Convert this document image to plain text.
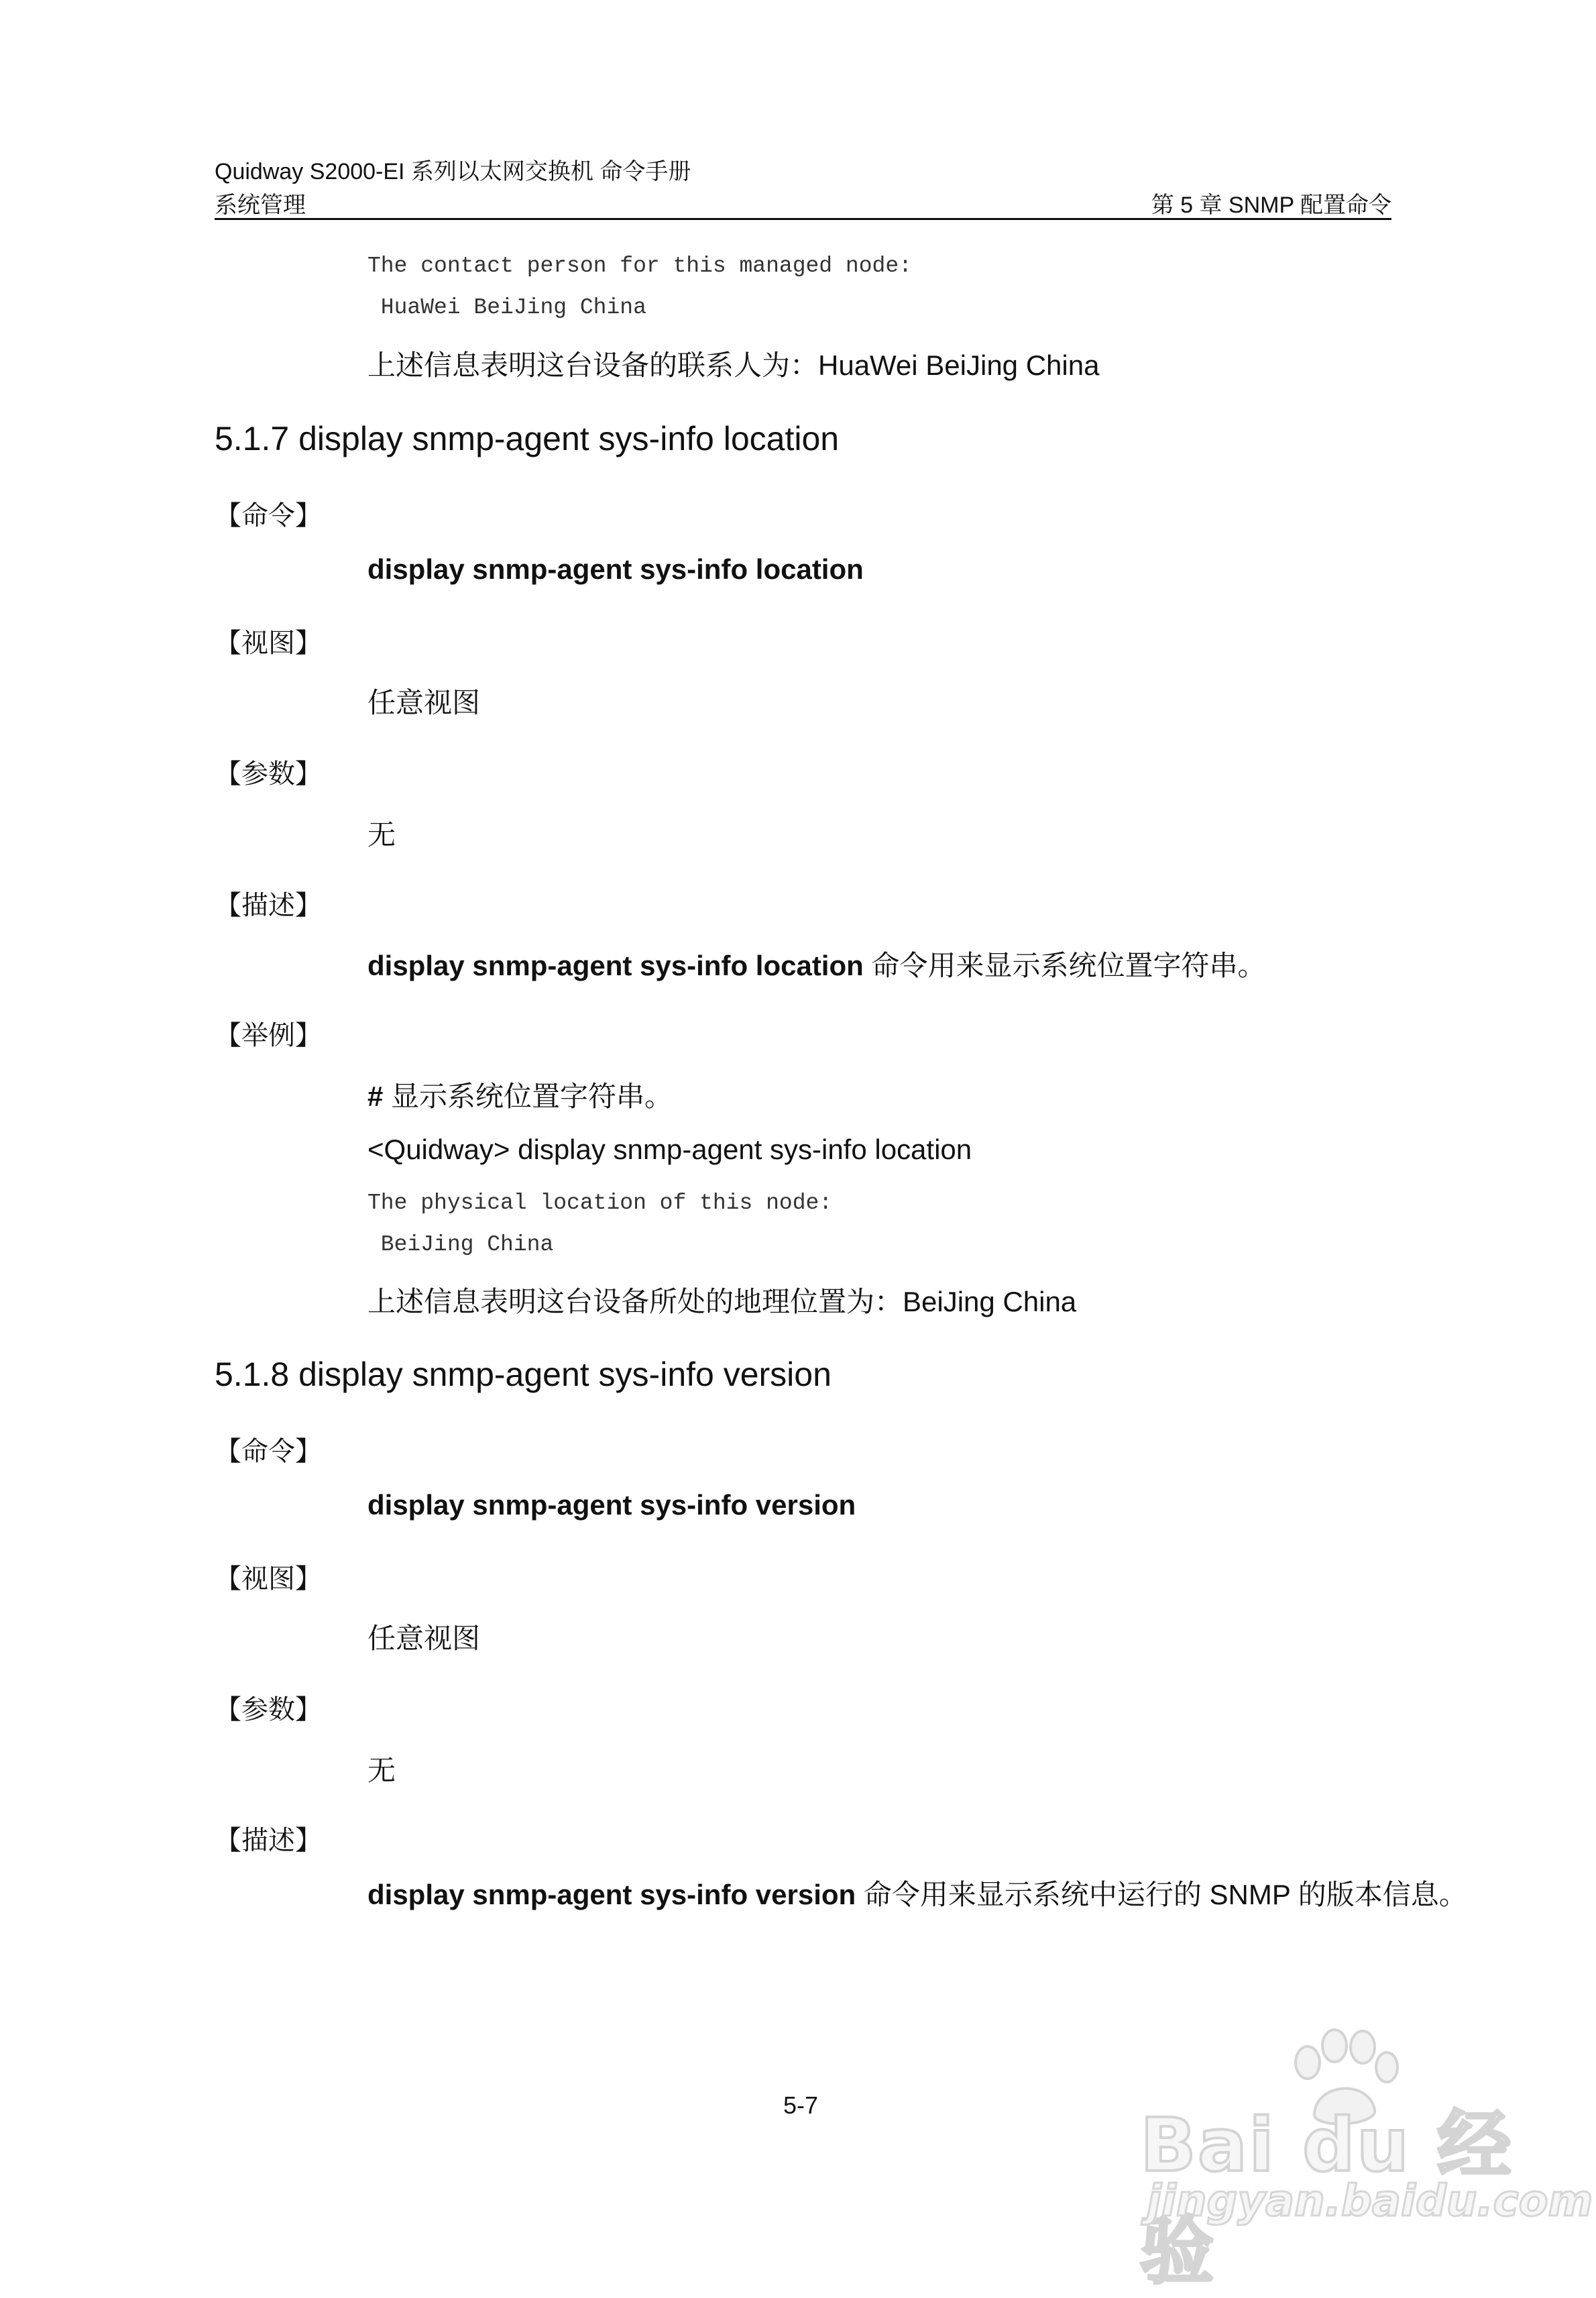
Quidway S2000-EI 系列以太网交换机 命令手册
系统管理	第 5 章 SNMP 配置命令
The contact person for this managed node:
HuaWei BeiJing China
上述信息表明这台设备的联系人为：HuaWei BeiJing China
5.1.7 display snmp-agent sys-info location
【命令】
display snmp-agent sys-info location
【视图】
任意视图
【参数】
无
【描述】
display snmp-agent sys-info location 命令用来显示系统位置字符串。
【举例】
# 显示系统位置字符串。
<Quidway> display snmp-agent sys-info location
The physical location of this node:
BeiJing China
上述信息表明这台设备所处的地理位置为：BeiJing China
5.1.8 display snmp-agent sys-info version
【命令】
display snmp-agent sys-info version
【视图】
任意视图
【参数】
无
【描述】
display snmp-agent sys-info version 命令用来显示系统中运行的 SNMP 的版本信息。
5-7	Bai du 经验
jingyan.baidu.com
